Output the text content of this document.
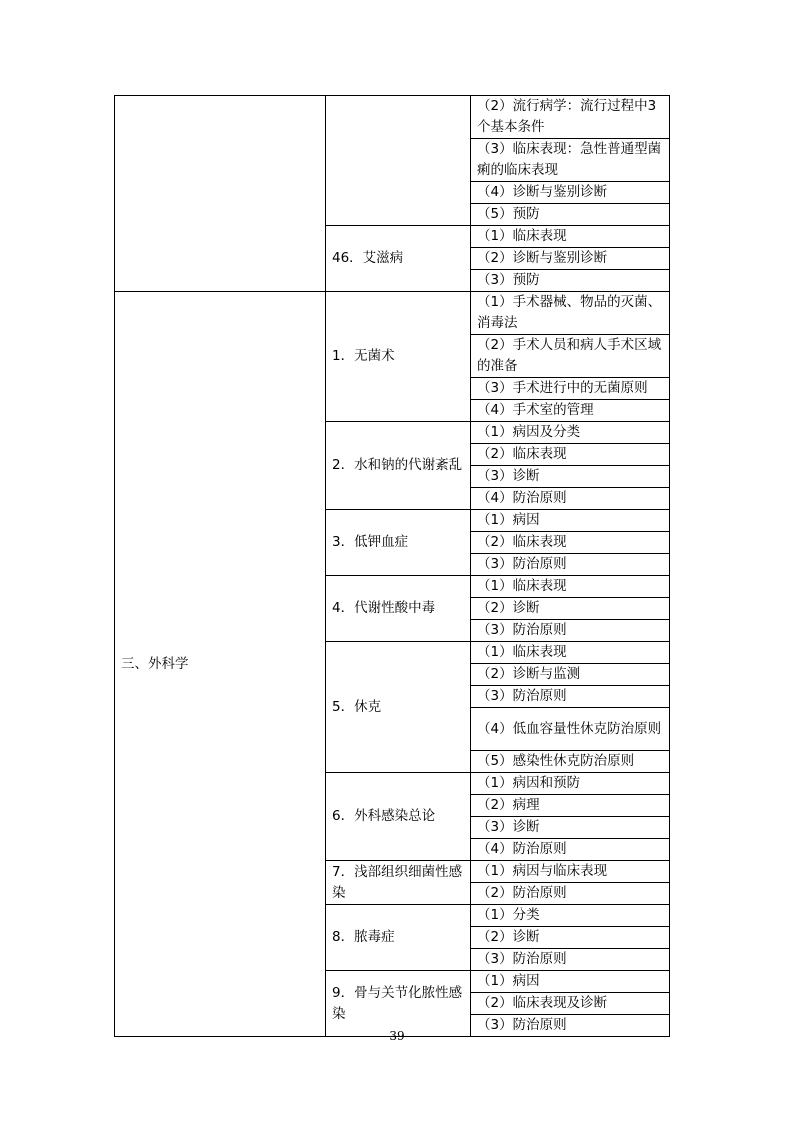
		（2）流行病学：流行过程中3个基本条件
		（3）临床表现：急性普通型菌痢的临床表现
		（4）诊断与鉴别诊断
		（5）预防
	46．艾滋病	（1）临床表现
		（2）诊断与鉴别诊断
		（3）预防
三、外科学	1．无菌术	（1）手术器械、物品的灭菌、消毒法
		（2）手术人员和病人手术区域的准备
		（3）手术进行中的无菌原则
		（4）手术室的管理
	2．水和钠的代谢紊乱	（1）病因及分类
		（2）临床表现
		（3）诊断
		（4）防治原则
	3．低钾血症	（1）病因
		（2）临床表现
		（3）防治原则
	4．代谢性酸中毒	（1）临床表现
		（2）诊断
		（3）防治原则
	5．休克	（1）临床表现
		（2）诊断与监测
		（3）防治原则
		（4）低血容量性休克防治原则
		（5）感染性休克防治原则
	6．外科感染总论	（1）病因和预防
		（2）病理
		（3）诊断
		（4）防治原则
	7．浅部组织细菌性感染	（1）病因与临床表现
		（2）防治原则
	8．脓毒症	（1）分类
		（2）诊断
		（3）防治原则
	9．骨与关节化脓性感染	（1）病因
		（2）临床表现及诊断
		（3）防治原则
39
